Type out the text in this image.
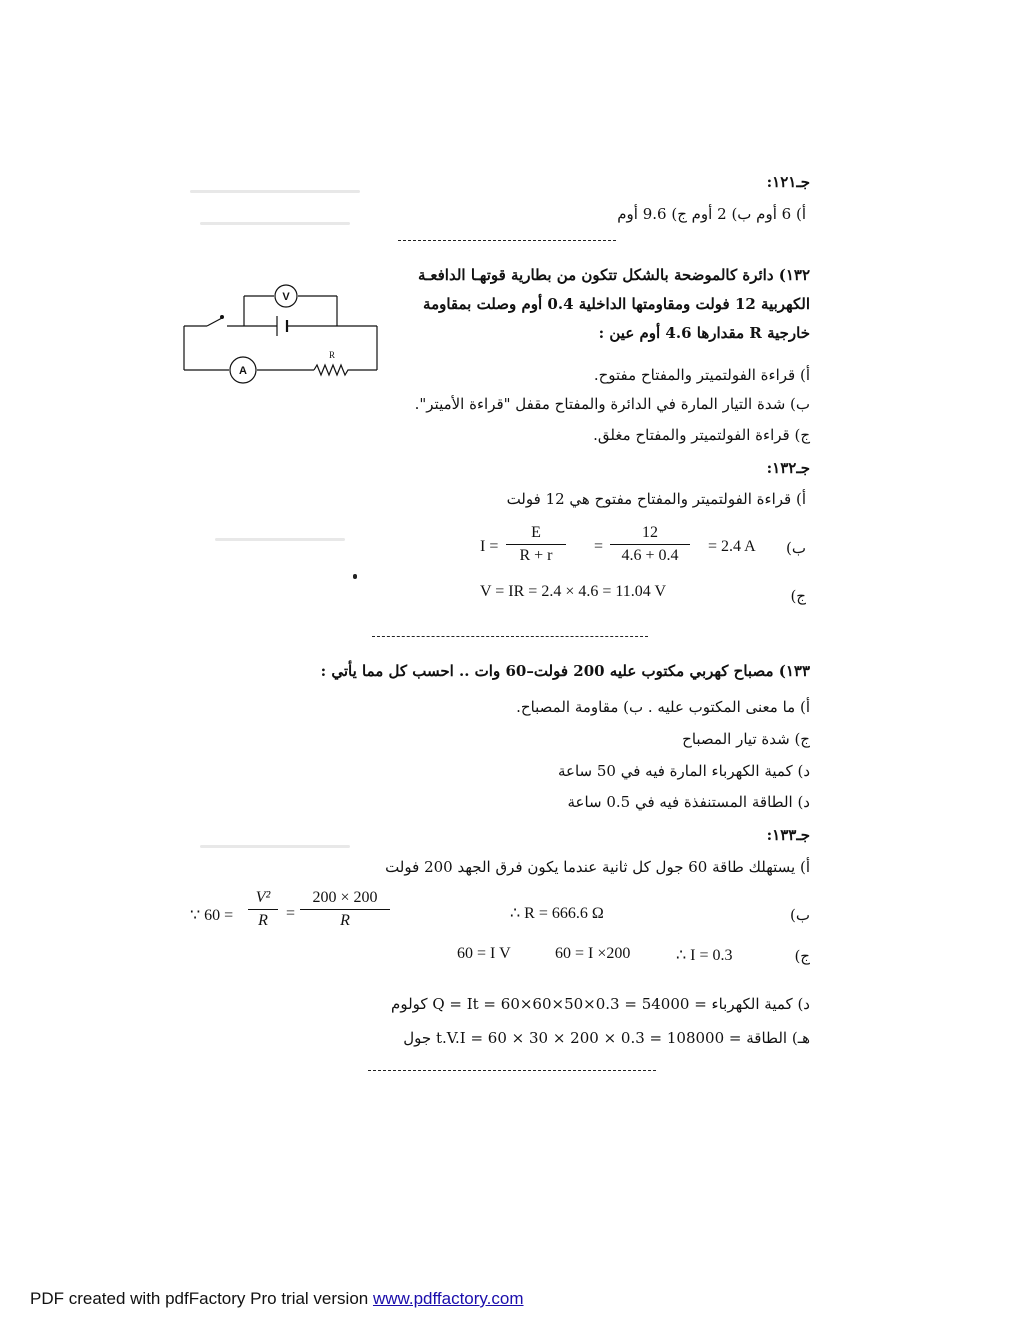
جـ١٢١:
أ) 6 أوم ب) 2 أوم ج) 9.6 أوم
١٣٢) دائرة كالموضحة بالشكل تتكون من بطارية قوتهـا الدافعـة
الكهربية 12 فولت ومقاومتها الداخلية 0.4 أوم وصلت بمقاومة
خارجية R مقدارها 4.6 أوم عين :
أ) قراءة الفولتميتر والمفتاح مفتوح.
ب) شدة التيار المارة في الدائرة والمفتاح مقفل "قراءة الأميتر".
ج) قراءة الفولتميتر والمفتاح مغلق.
V
A
R
جـ١٣٢:
أ) قراءة الفولتميتر والمفتاح مفتوح هي 12 فولت
ب)
$I = \frac{E}{R + r} = \frac{12}{4.6 + 0.4} = 2.4$ A
ج)
V = IR = 2.4 × 4.6 = 11.04 V
١٣٣) مصباح كهربي مكتوب عليه 200 فولت–60 وات .. احسب كل مما يأتي :
أ) ما معنى المكتوب عليه . ب) مقاومة المصباح.
ج) شدة تيار المصباح
د) كمية الكهرباء المارة فيه في 50 ساعة
د) الطاقة المستنفذة فيه في 0.5 ساعة
جـ١٣٣:
أ) يستهلك طاقة 60 جول كل ثانية عندما يكون فرق الجهد 200 فولت
ب)
∵ $60 = \frac{\text{V²}}{R} = \frac{200 \times 200}{R}$	∴ R = 666.6 Ω
ج)
60 = I V	60 = I ×200	∴ I = 0.3
د) كمية الكهرباء = Q = It = 60×60×50×0.3 = 54000 كولوم
هـ) الطاقة = t.V.I = 60 × 30 × 200 × 0.3 = 108000 جول
PDF created with pdfFactory Pro trial version www.pdffactory.com
